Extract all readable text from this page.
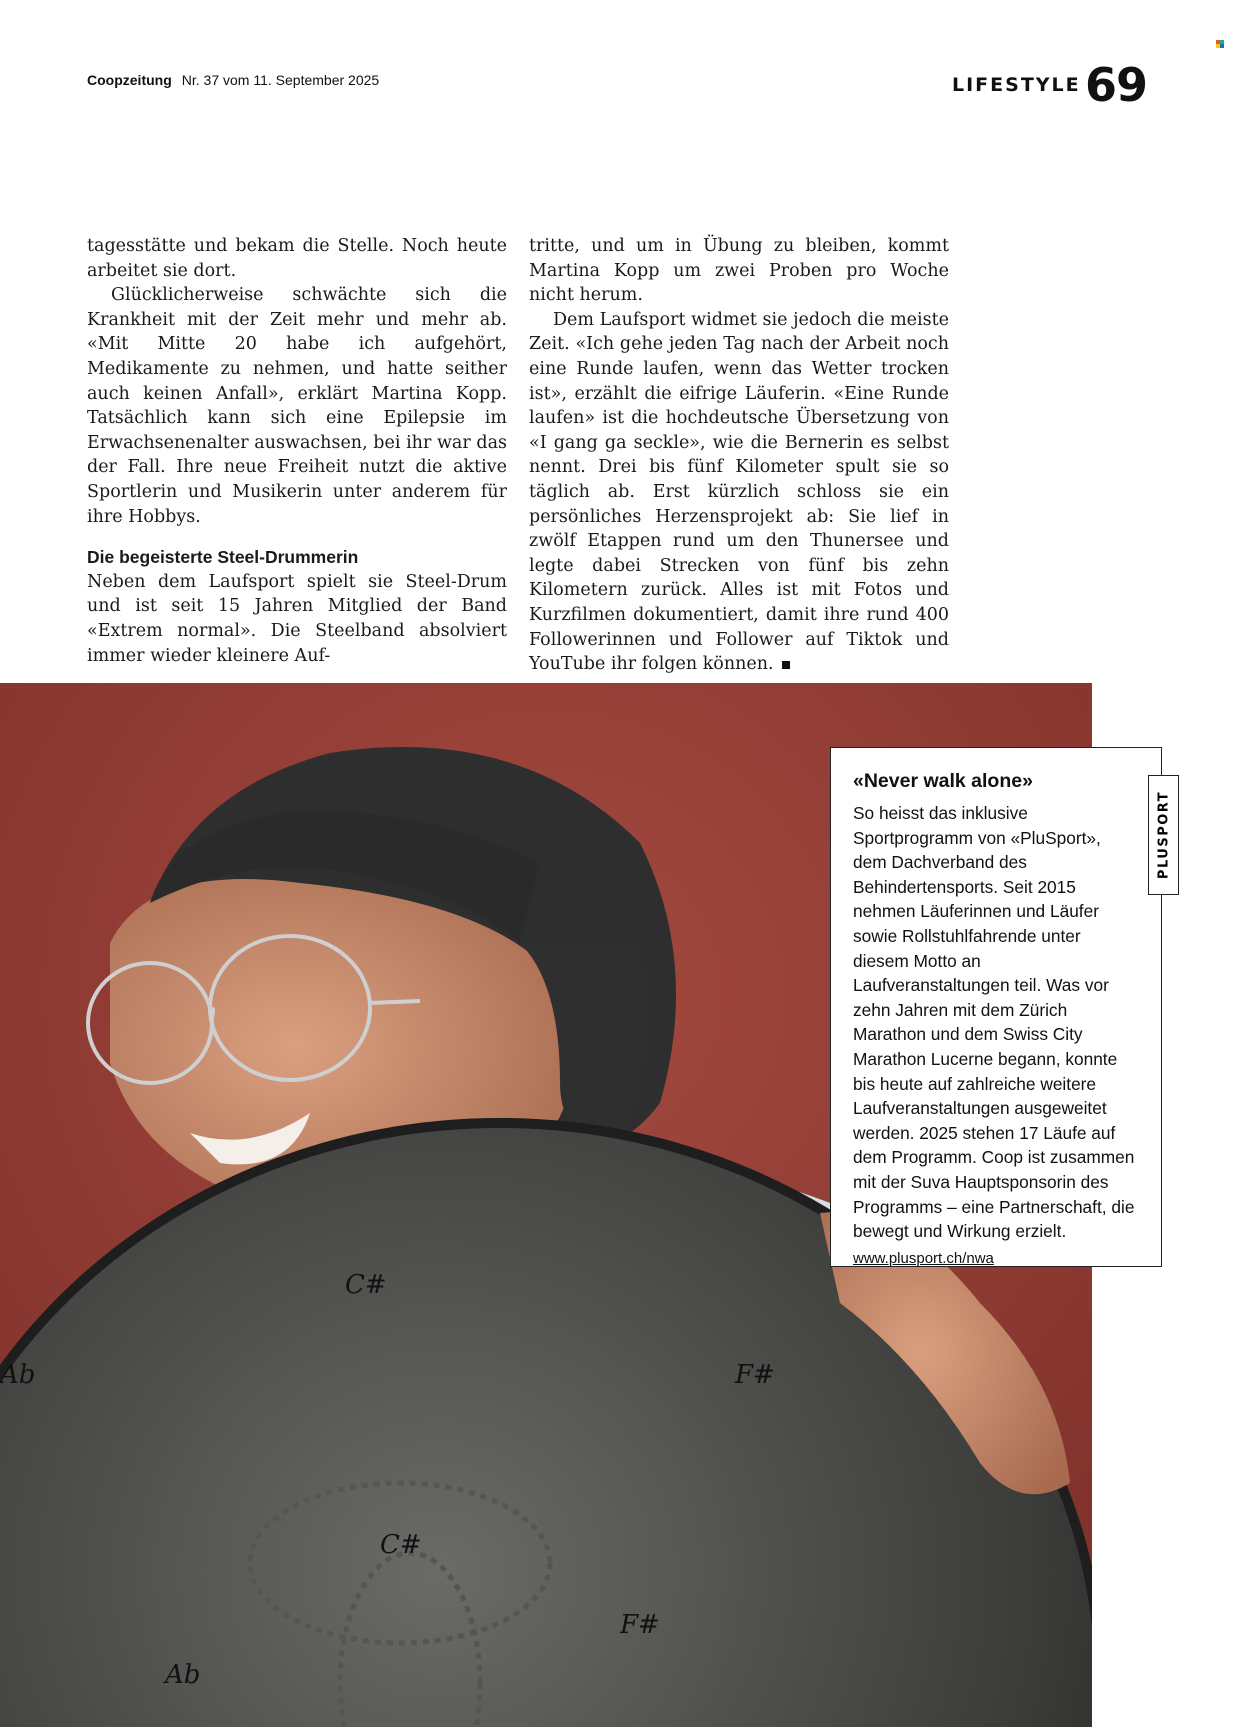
Coopzeitung Nr. 37 vom 11. September 2025	LIFESTYLE 69

tagesstätte und bekam die Stelle. Noch heute arbeitet sie dort.

Glücklicherweise schwächte sich die Krankheit mit der Zeit mehr und mehr ab. «Mit Mitte 20 habe ich aufgehört, Medikamente zu nehmen, und hatte seither auch keinen Anfall», erklärt Martina Kopp. Tatsächlich kann sich eine Epilepsie im Erwachsenenalter auswachsen, bei ihr war das der Fall. Ihre neue Freiheit nutzt die aktive Sportlerin und Musikerin unter anderem für ihre Hobbys.

Die begeisterte Steel-Drummerin

Neben dem Laufsport spielt sie Steel-Drum und ist seit 15 Jahren Mitglied der Band «Extrem normal». Die Steelband absolviert immer wieder kleinere Auf-

tritte, und um in Übung zu bleiben, kommt Martina Kopp um zwei Proben pro Woche nicht herum.

Dem Laufsport widmet sie jedoch die meiste Zeit. «Ich gehe jeden Tag nach der Arbeit noch eine Runde laufen, wenn das Wetter trocken ist», erzählt die eifrige Läuferin. «Eine Runde laufen» ist die hochdeutsche Übersetzung von «I gang ga seckle», wie die Bernerin es selbst nennt. Drei bis fünf Kilometer spult sie so täglich ab. Erst kürzlich schloss sie ein persönliches Herzensprojekt ab: Sie lief in zwölf Etappen rund um den Thunersee und legte dabei Strecken von fünf bis zehn Kilometern zurück. Alles ist mit Fotos und Kurzfilmen dokumentiert, damit ihre rund 400 Followerinnen und Follower auf Tiktok und YouTube ihr folgen können.

C#
F#
C#
F#
Ab
Ab
«Never walk alone»

So heisst das inklusive Sportprogramm von «PluSport», dem Dachverband des Behindertensports. Seit 2015 nehmen Läuferinnen und Läufer sowie Rollstuhlfahrende unter diesem Motto an Laufveranstaltungen teil. Was vor zehn Jahren mit dem Zürich Marathon und dem Swiss City Marathon Lucerne begann, konnte bis heute auf zahlreiche weitere Laufveranstaltungen ausgeweitet werden. 2025 stehen 17 Läufe auf dem Programm. Coop ist zusammen mit der Suva Hauptsponsorin des Programms – eine Partnerschaft, die bewegt und Wirkung erzielt.

www.plusport.ch/nwa
PLUSPORT
